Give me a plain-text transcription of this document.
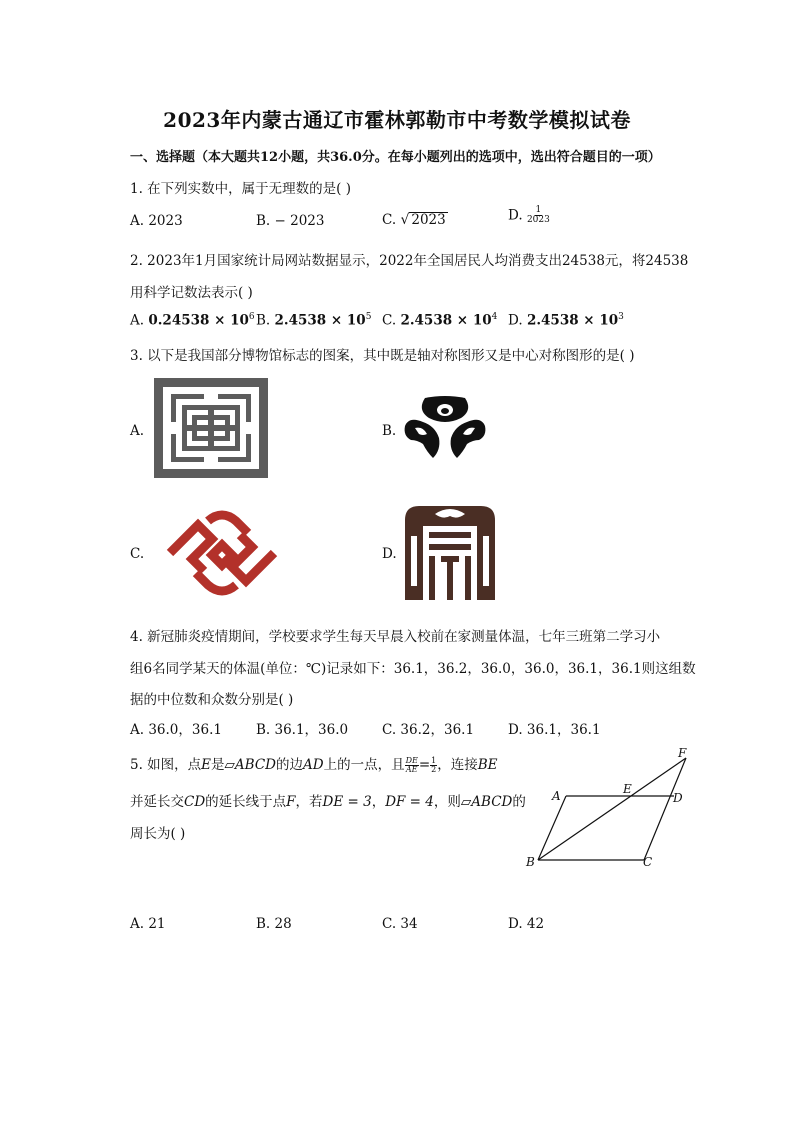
2023年内蒙古通辽市霍林郭勒市中考数学模拟试卷
一、选择题（本大题共12小题，共36.0分。在每小题列出的选项中，选出符合题目的一项）
1. 在下列实数中，属于无理数的是( )
A. 2023	B. − 2023	C. √ 2023	D. $\frac{1}{2023}$
2. 2023年1月国家统计局网站数据显示，2022年全国居民人均消费支出24538元，将24538
用科学记数法表示( )
A. $0.24538 \times 10^6$ B. $2.4538 \times 10^5$ C. $2.4538 \times 10^4$ D. $2.4538 \times 10^3$
3. 以下是我国部分博物馆标志的图案，其中既是轴对称图形又是中心对称图形的是( )
A.	B.
C.	D.
4. 新冠肺炎疫情期间，学校要求学生每天早晨入校前在家测量体温，七年三班第二学习小
组6名同学某天的体温(单位：℃)记录如下：36.1，36.2，36.0，36.0，36.1，36.1则这组数
据的中位数和众数分别是( )
A. 36.0，36.1	B. 36.1，36.0	C. 36.2，36.1	D. 36.1，36.1
5. 如图，点E是▱ABCD的边AD上的一点，且 $\frac{DE}{AE} = \frac{1}{2}$ ，连接BE
并延长交CD的延长线于点F，若DE = 3，DF = 4，则▱ABCD的
周长为( )
A
B	C
D
E
F
A. 21	B. 28	C. 34	D. 42
